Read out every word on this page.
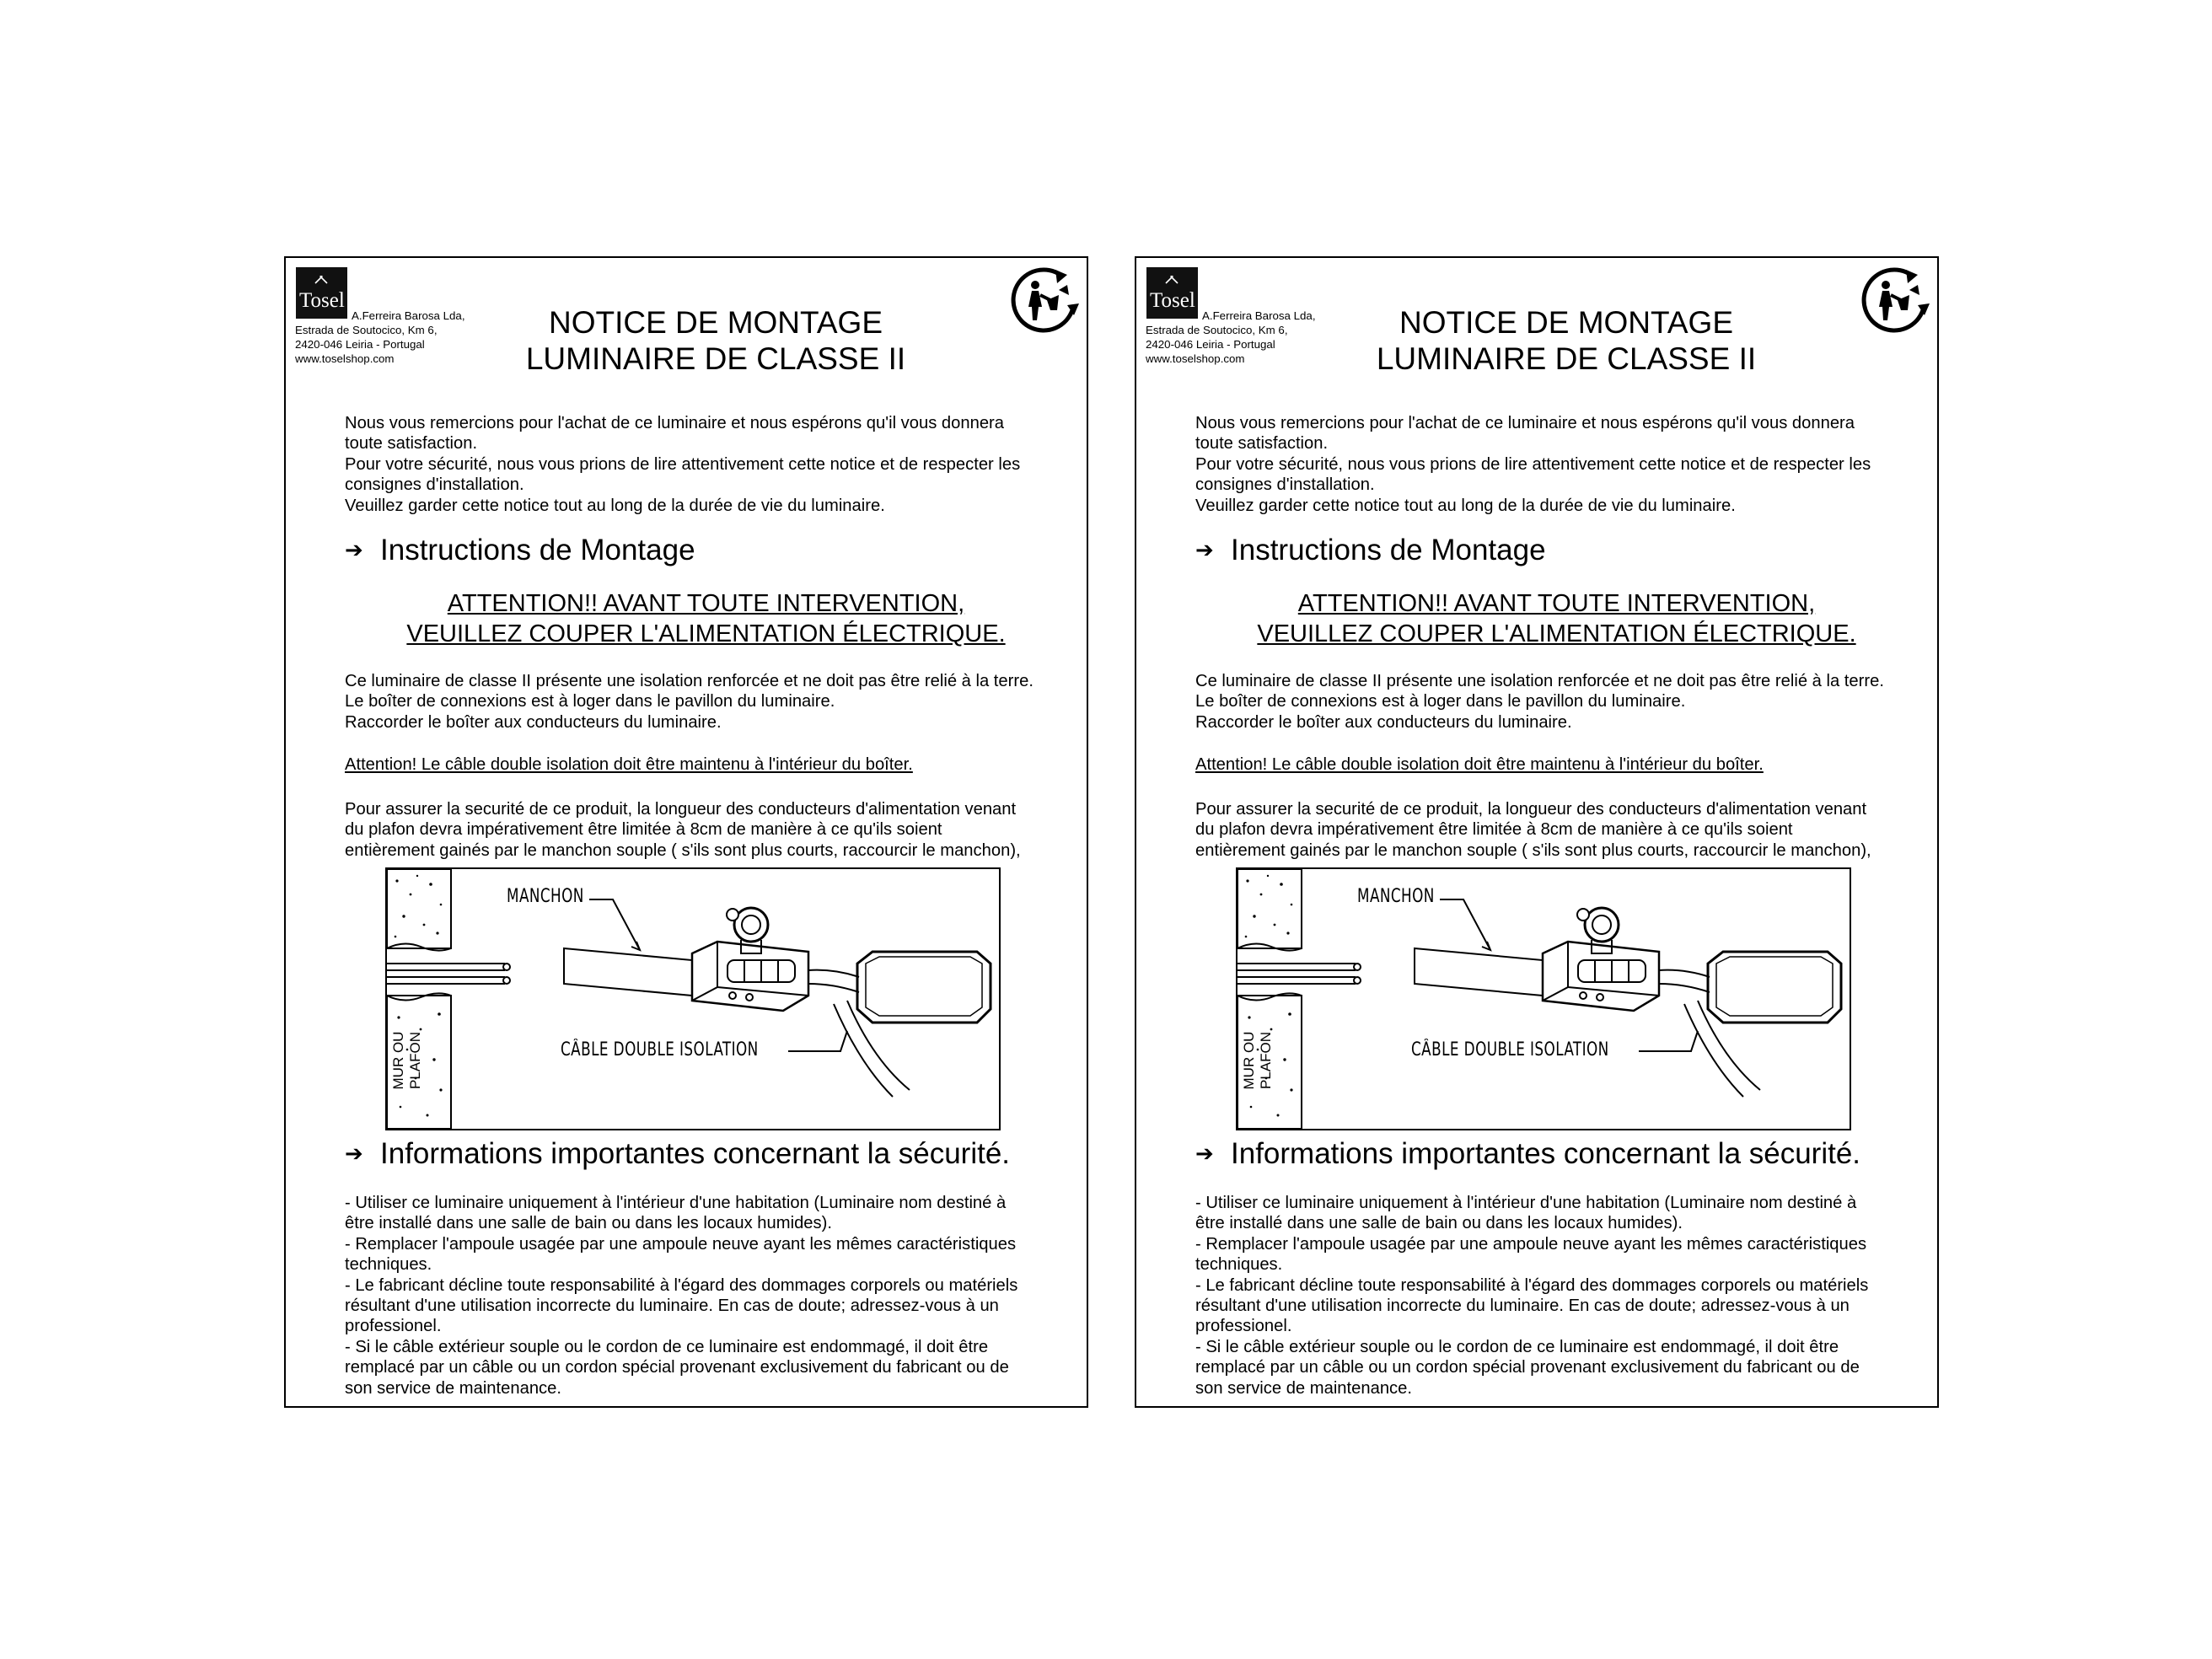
Tosel
A.Ferreira Barosa Lda,
Estrada de Soutocico, Km 6,
2420-046 Leiria - Portugal
www.toselshop.com
NOTICE DE MONTAGE
LUMINAIRE DE CLASSE II
Nous vous remercions pour l'achat de ce luminaire et nous espérons qu'il vous donnera
toute satisfaction.
Pour votre sécurité, nous vous prions de lire attentivement cette notice et de respecter les
consignes d'installation.
Veuillez garder cette notice tout au long de la durée de vie du luminaire.
➔ Instructions de Montage
ATTENTION!! AVANT TOUTE INTERVENTION,
VEUILLEZ COUPER L'ALIMENTATION ÉLECTRIQUE.
Ce luminaire de classe II présente une isolation renforcée et ne doit pas être relié à la terre.
Le boîter de connexions est à loger dans le pavillon du luminaire.
Raccorder le boîter aux conducteurs du luminaire.
Attention! Le câble double isolation doit être maintenu à l'intérieur du boîter.
Pour assurer la securité de ce produit, la longueur des conducteurs d'alimentation venant
du plafon devra impérativement être limitée à 8cm de manière à ce qu'ils soient
entièrement gainés par le manchon souple ( s'ils sont plus courts, raccourcir le manchon),
MANCHON
CÂBLE DOUBLE ISOLATION
MUR OU PLAFON
➔ Informations importantes concernant la sécurité.
- Utiliser ce luminaire uniquement à l'intérieur d'une habitation (Luminaire nom destiné à
être installé dans une salle de bain ou dans les locaux humides).
- Remplacer l'ampoule usagée par une ampoule neuve ayant les mêmes caractéristiques
techniques.
- Le fabricant décline toute responsabilité à l'égard des dommages corporels ou matériels
résultant d'une utilisation incorrecte du luminaire. En cas de doute; adressez-vous à un
professionel.
- Si le câble extérieur souple ou le cordon de ce luminaire est endommagé, il doit être
remplacé par un câble ou un cordon spécial provenant exclusivement du fabricant ou de
son service de maintenance.
Tosel
A.Ferreira Barosa Lda,
Estrada de Soutocico, Km 6,
2420-046 Leiria - Portugal
www.toselshop.com
NOTICE DE MONTAGE
LUMINAIRE DE CLASSE II
Nous vous remercions pour l'achat de ce luminaire et nous espérons qu'il vous donnera
toute satisfaction.
Pour votre sécurité, nous vous prions de lire attentivement cette notice et de respecter les
consignes d'installation.
Veuillez garder cette notice tout au long de la durée de vie du luminaire.
➔ Instructions de Montage
ATTENTION!! AVANT TOUTE INTERVENTION,
VEUILLEZ COUPER L'ALIMENTATION ÉLECTRIQUE.
Ce luminaire de classe II présente une isolation renforcée et ne doit pas être relié à la terre.
Le boîter de connexions est à loger dans le pavillon du luminaire.
Raccorder le boîter aux conducteurs du luminaire.
Attention! Le câble double isolation doit être maintenu à l'intérieur du boîter.
Pour assurer la securité de ce produit, la longueur des conducteurs d'alimentation venant
du plafon devra impérativement être limitée à 8cm de manière à ce qu'ils soient
entièrement gainés par le manchon souple ( s'ils sont plus courts, raccourcir le manchon),
MANCHON
CÂBLE DOUBLE ISOLATION
MUR OU PLAFON
➔ Informations importantes concernant la sécurité.
- Utiliser ce luminaire uniquement à l'intérieur d'une habitation (Luminaire nom destiné à
être installé dans une salle de bain ou dans les locaux humides).
- Remplacer l'ampoule usagée par une ampoule neuve ayant les mêmes caractéristiques
techniques.
- Le fabricant décline toute responsabilité à l'égard des dommages corporels ou matériels
résultant d'une utilisation incorrecte du luminaire. En cas de doute; adressez-vous à un
professionel.
- Si le câble extérieur souple ou le cordon de ce luminaire est endommagé, il doit être
remplacé par un câble ou un cordon spécial provenant exclusivement du fabricant ou de
son service de maintenance.
